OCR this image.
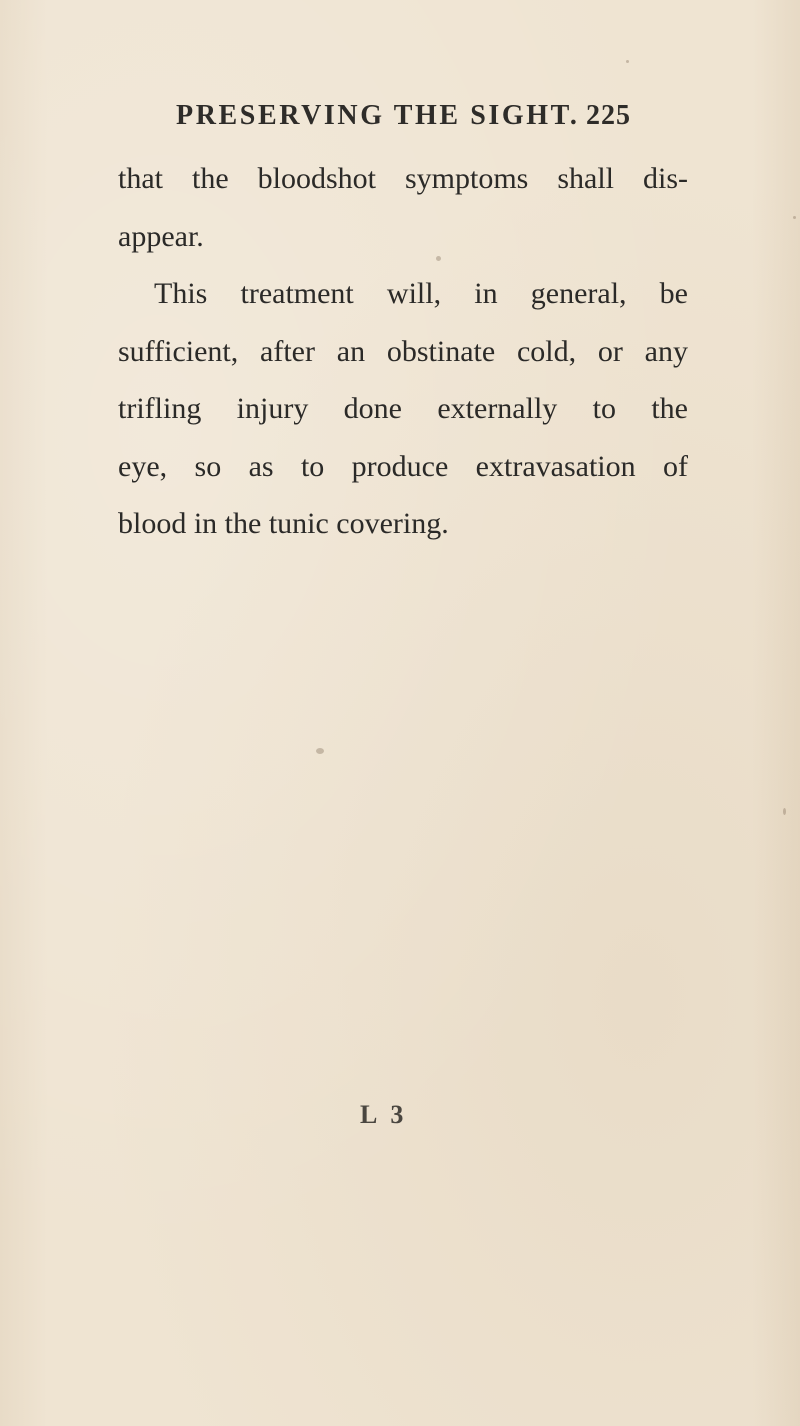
PRESERVING THE SIGHT. 225
that the bloodshot symptoms shall dis-
appear.
This treatment will, in general, be
sufficient, after an obstinate cold, or any
trifling injury done externally to the
eye, so as to produce extravasation of
blood in the tunic covering.
L 3
